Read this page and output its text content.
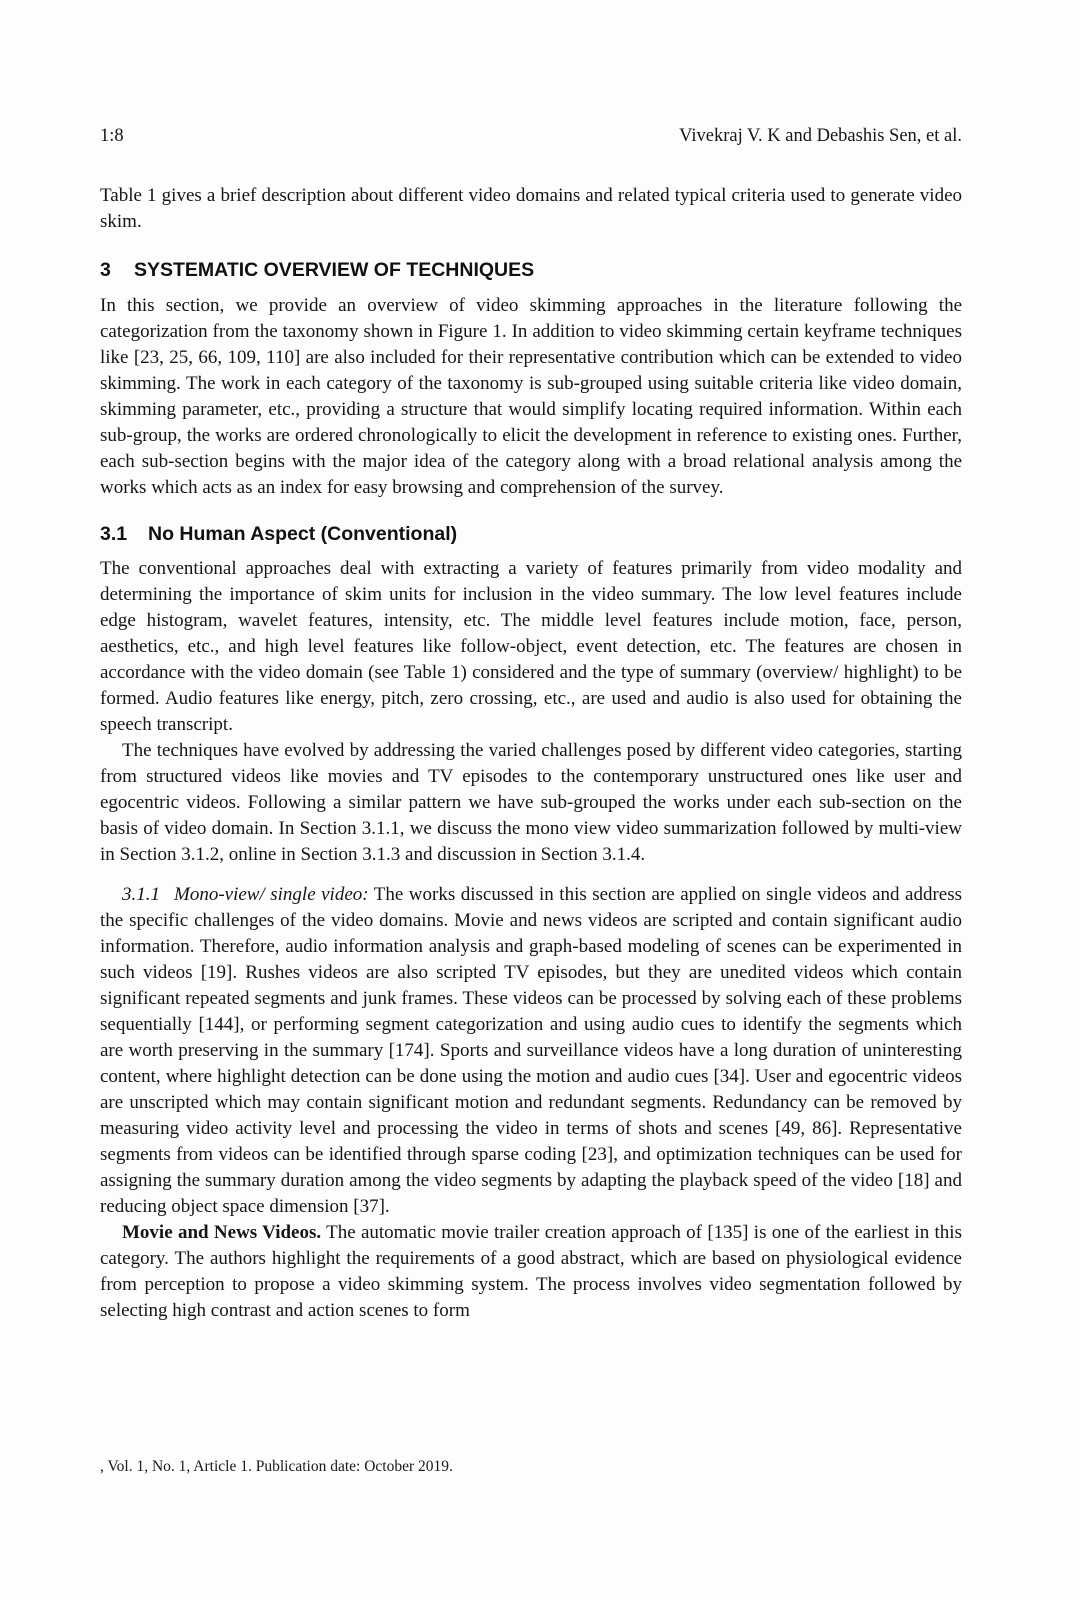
1:8	Vivekraj V. K and Debashis Sen, et al.

Table 1 gives a brief description about different video domains and related typical criteria used to generate video skim.

3 SYSTEMATIC OVERVIEW OF TECHNIQUES

In this section, we provide an overview of video skimming approaches in the literature following the categorization from the taxonomy shown in Figure 1. In addition to video skimming certain keyframe techniques like [23, 25, 66, 109, 110] are also included for their representative contribution which can be extended to video skimming. The work in each category of the taxonomy is sub-grouped using suitable criteria like video domain, skimming parameter, etc., providing a structure that would simplify locating required information. Within each sub-group, the works are ordered chronologically to elicit the development in reference to existing ones. Further, each sub-section begins with the major idea of the category along with a broad relational analysis among the works which acts as an index for easy browsing and comprehension of the survey.

3.1 No Human Aspect (Conventional)

The conventional approaches deal with extracting a variety of features primarily from video modality and determining the importance of skim units for inclusion in the video summary. The low level features include edge histogram, wavelet features, intensity, etc. The middle level features include motion, face, person, aesthetics, etc., and high level features like follow-object, event detection, etc. The features are chosen in accordance with the video domain (see Table 1) considered and the type of summary (overview/ highlight) to be formed. Audio features like energy, pitch, zero crossing, etc., are used and audio is also used for obtaining the speech transcript.

The techniques have evolved by addressing the varied challenges posed by different video categories, starting from structured videos like movies and TV episodes to the contemporary unstructured ones like user and egocentric videos. Following a similar pattern we have sub-grouped the works under each sub-section on the basis of video domain. In Section 3.1.1, we discuss the mono view video summarization followed by multi-view in Section 3.1.2, online in Section 3.1.3 and discussion in Section 3.1.4.

3.1.1 Mono-view/ single video: The works discussed in this section are applied on single videos and address the specific challenges of the video domains. Movie and news videos are scripted and contain significant audio information. Therefore, audio information analysis and graph-based modeling of scenes can be experimented in such videos [19]. Rushes videos are also scripted TV episodes, but they are unedited videos which contain significant repeated segments and junk frames. These videos can be processed by solving each of these problems sequentially [144], or performing segment categorization and using audio cues to identify the segments which are worth preserving in the summary [174]. Sports and surveillance videos have a long duration of uninteresting content, where highlight detection can be done using the motion and audio cues [34]. User and egocentric videos are unscripted which may contain significant motion and redundant segments. Redundancy can be removed by measuring video activity level and processing the video in terms of shots and scenes [49, 86]. Representative segments from videos can be identified through sparse coding [23], and optimization techniques can be used for assigning the summary duration among the video segments by adapting the playback speed of the video [18] and reducing object space dimension [37].

Movie and News Videos. The automatic movie trailer creation approach of [135] is one of the earliest in this category. The authors highlight the requirements of a good abstract, which are based on physiological evidence from perception to propose a video skimming system. The process involves video segmentation followed by selecting high contrast and action scenes to form

, Vol. 1, No. 1, Article 1. Publication date: October 2019.
